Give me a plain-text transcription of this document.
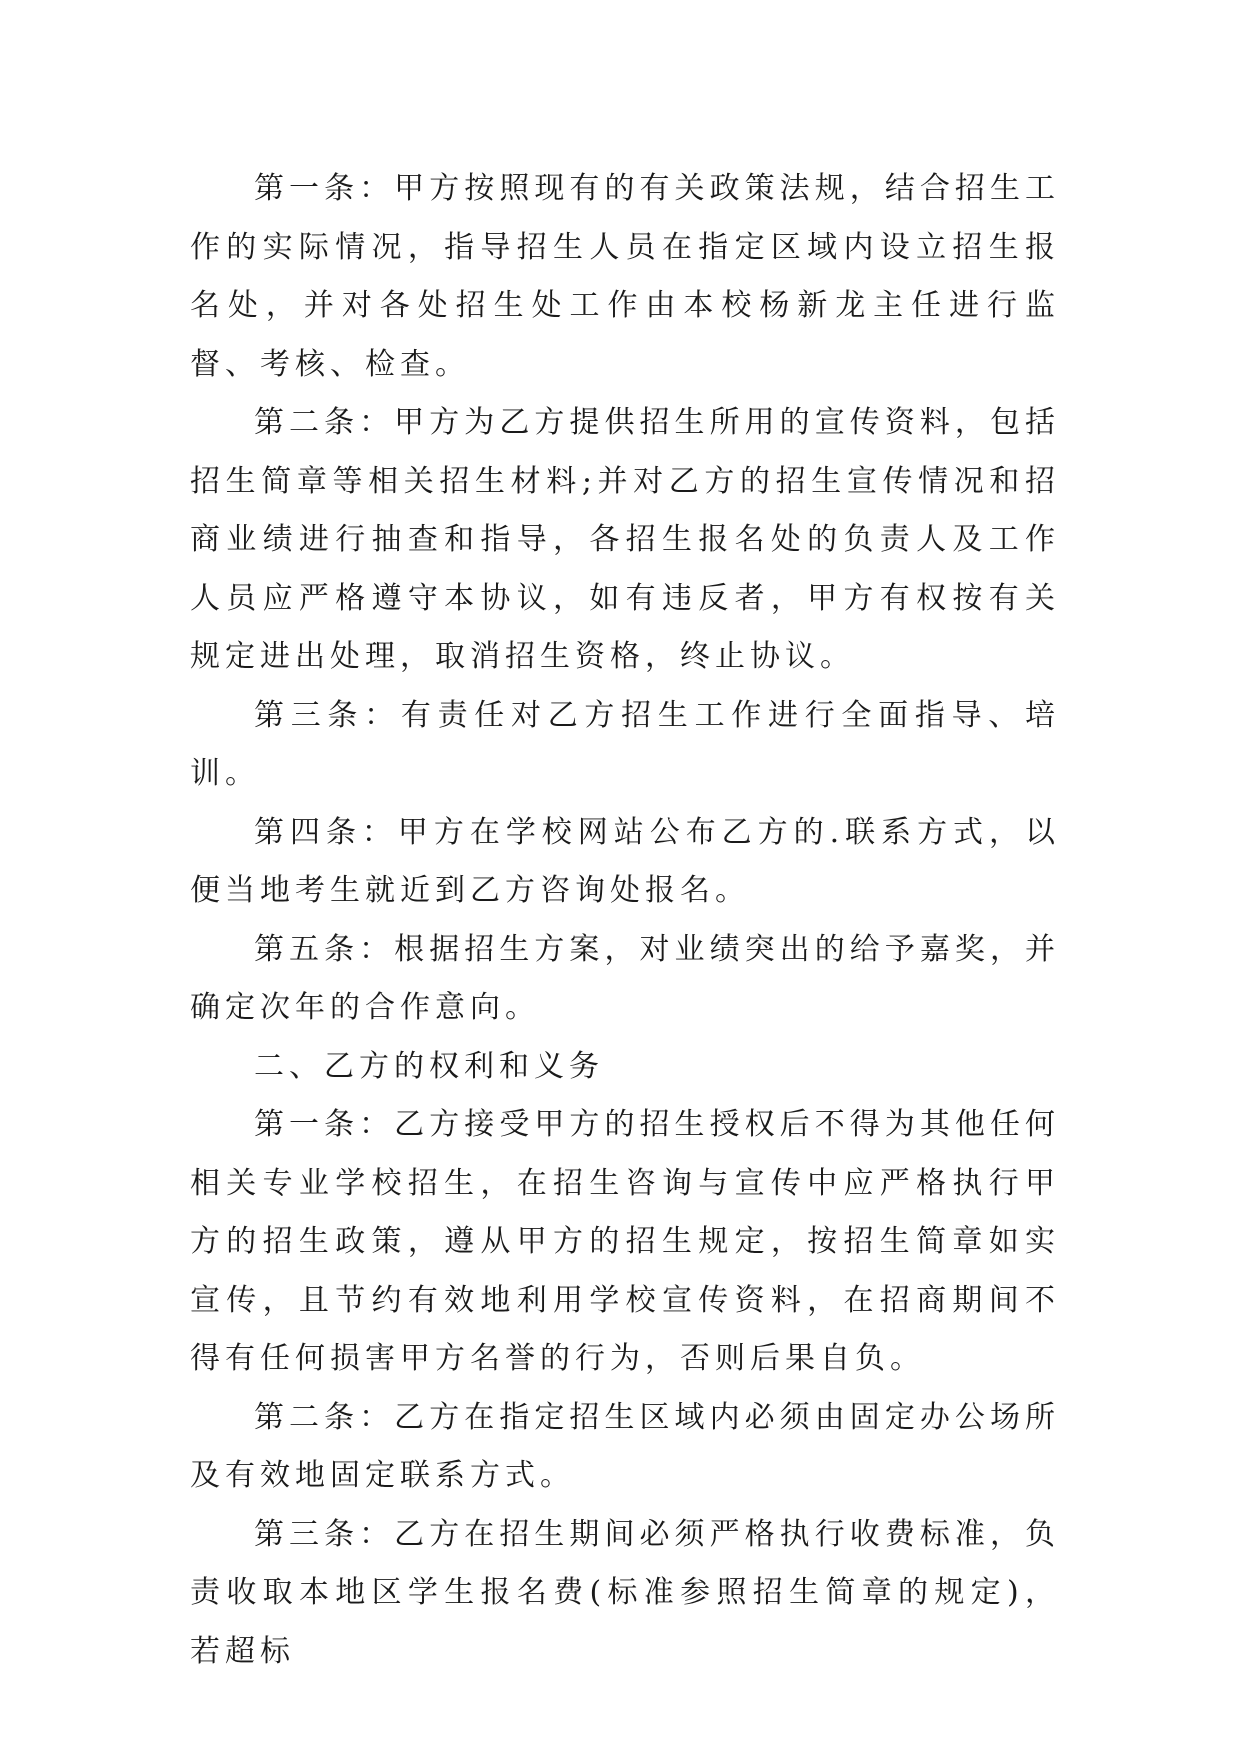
第一条：甲方按照现有的有关政策法规，结合招生工作的实际情况，指导招生人员在指定区域内设立招生报名处，并对各处招生处工作由本校杨新龙主任进行监督、考核、检查。

第二条：甲方为乙方提供招生所用的宣传资料，包括招生简章等相关招生材料;并对乙方的招生宣传情况和招商业绩进行抽查和指导，各招生报名处的负责人及工作人员应严格遵守本协议，如有违反者，甲方有权按有关规定进出处理，取消招生资格，终止协议。

第三条：有责任对乙方招生工作进行全面指导、培训。

第四条：甲方在学校网站公布乙方的.联系方式，以便当地考生就近到乙方咨询处报名。

第五条：根据招生方案，对业绩突出的给予嘉奖，并确定次年的合作意向。

二、乙方的权利和义务

第一条：乙方接受甲方的招生授权后不得为其他任何相关专业学校招生，在招生咨询与宣传中应严格执行甲方的招生政策，遵从甲方的招生规定，按招生简章如实宣传，且节约有效地利用学校宣传资料，在招商期间不得有任何损害甲方名誉的行为，否则后果自负。

第二条：乙方在指定招生区域内必须由固定办公场所及有效地固定联系方式。

第三条：乙方在招生期间必须严格执行收费标准，负责收取本地区学生报名费(标准参照招生简章的规定)，若超标
